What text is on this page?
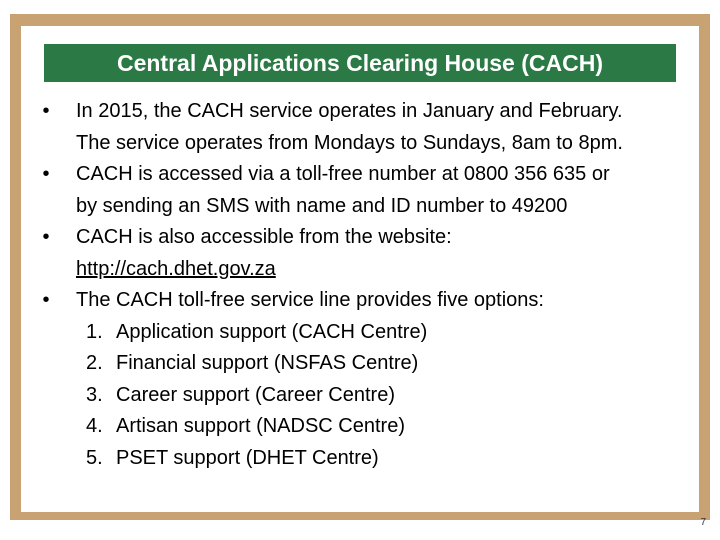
Central Applications Clearing House (CACH)
•	In 2015, the CACH service operates in January and February.
The service operates from Mondays to Sundays, 8am to 8pm.
•	CACH is accessed via a toll-free number at 0800 356 635 or
by sending an SMS with name and ID number to 49200
•	CACH is also accessible from the website:
http://cach.dhet.gov.za
•	The CACH toll-free service line provides five options:
1. Application support (CACH Centre)
2. Financial support (NSFAS Centre)
3. Career support (Career Centre)
4. Artisan support (NADSC Centre)
5. PSET support (DHET Centre)
7
